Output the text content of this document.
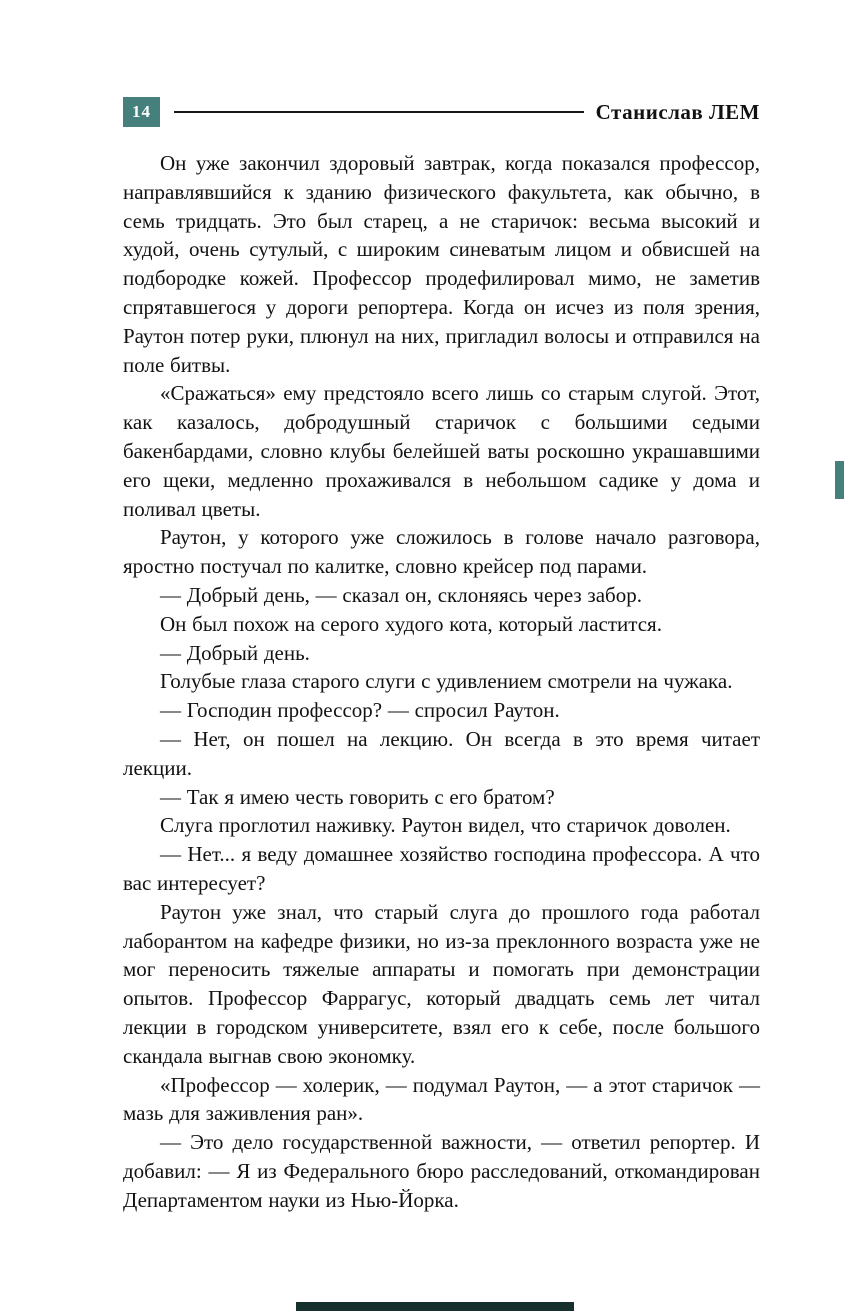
14	Станислав ЛЕМ

Он уже закончил здоровый завтрак, когда показался профессор, направлявшийся к зданию физического факультета, как обычно, в семь тридцать. Это был старец, а не старичок: весьма высокий и худой, очень сутулый, с широким синеватым лицом и обвисшей на подбородке кожей. Профессор продефилировал мимо, не заметив спрятавшегося у дороги репортера. Когда он исчез из поля зрения, Раутон потер руки, плюнул на них, пригладил волосы и отправился на поле битвы.

«Сражаться» ему предстояло всего лишь со старым слугой. Этот, как казалось, добродушный старичок с большими седыми бакенбардами, словно клубы белейшей ваты роскошно украшавшими его щеки, медленно прохаживался в небольшом садике у дома и поливал цветы.

Раутон, у которого уже сложилось в голове начало разговора, яростно постучал по калитке, словно крейсер под парами.

— Добрый день, — сказал он, склоняясь через забор.

Он был похож на серого худого кота, который ластится.

— Добрый день.

Голубые глаза старого слуги с удивлением смотрели на чужака.

— Господин профессор? — спросил Раутон.

— Нет, он пошел на лекцию. Он всегда в это время читает лекции.

— Так я имею честь говорить с его братом?

Слуга проглотил наживку. Раутон видел, что старичок доволен.

— Нет... я веду домашнее хозяйство господина профессора. А что вас интересует?

Раутон уже знал, что старый слуга до прошлого года работал лаборантом на кафедре физики, но из-за преклонного возраста уже не мог переносить тяжелые аппараты и помогать при демонстрации опытов. Профессор Фаррагус, который двадцать семь лет читал лекции в городском университете, взял его к себе, после большого скандала выгнав свою экономку.

«Профессор — холерик, — подумал Раутон, — а этот старичок — мазь для заживления ран».

— Это дело государственной важности, — ответил репортер. И добавил: — Я из Федерального бюро расследований, откомандирован Департаментом науки из Нью-Йорка.
